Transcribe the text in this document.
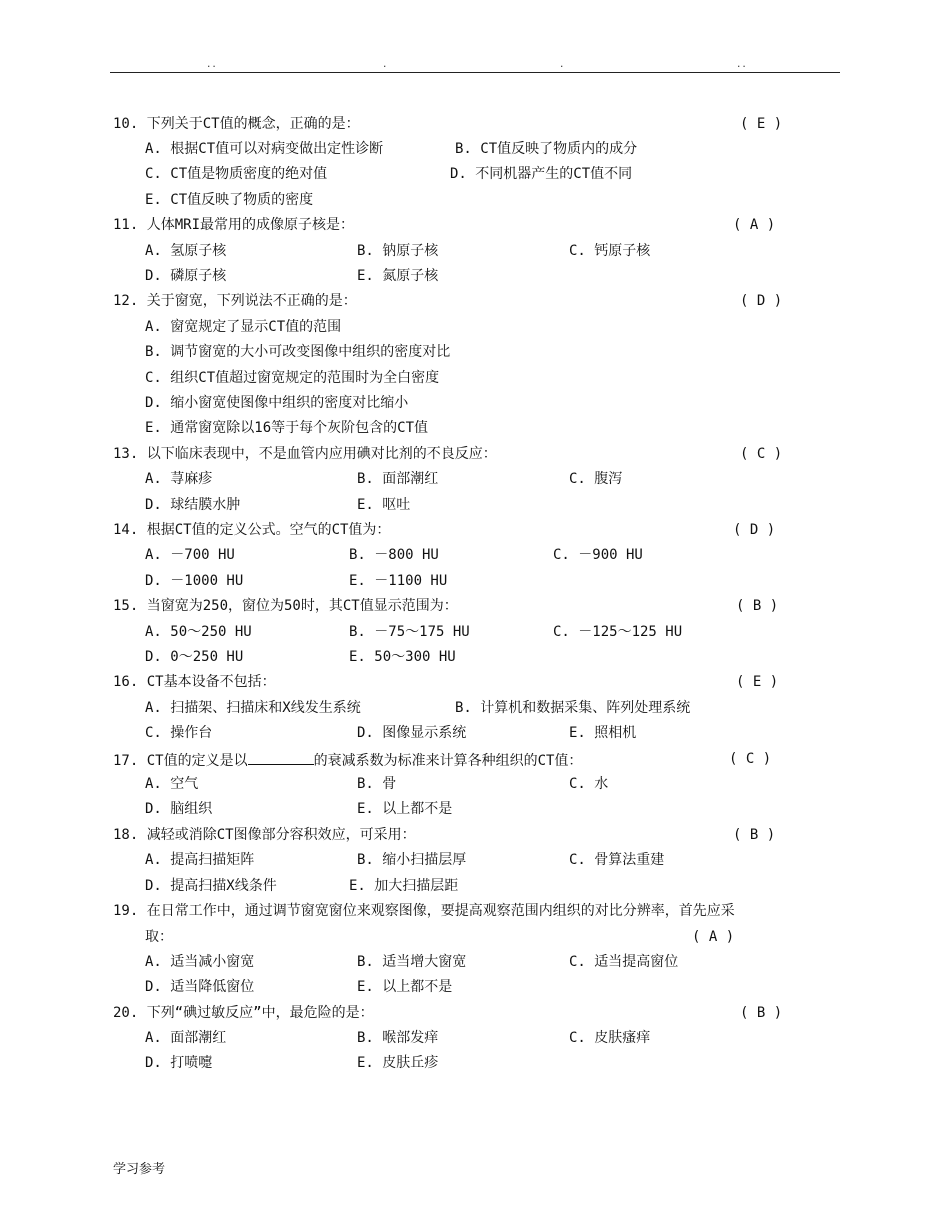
..	.	.	..
10. 下列关于CT值的概念，正确的是：	( E )
A. 根据CT值可以对病变做出定性诊断	B. CT值反映了物质内的成分
C. CT值是物质密度的绝对值	D. 不同机器产生的CT值不同
E. CT值反映了物质的密度
11. 人体MRI最常用的成像原子核是：	( A )
A. 氢原子核	B. 钠原子核	C. 钙原子核
D. 磷原子核	E. 氮原子核
12. 关于窗宽，下列说法不正确的是：	( D )
A. 窗宽规定了显示CT值的范围
B. 调节窗宽的大小可改变图像中组织的密度对比
C. 组织CT值超过窗宽规定的范围时为全白密度
D. 缩小窗宽使图像中组织的密度对比缩小
E. 通常窗宽除以16等于每个灰阶包含的CT值
13. 以下临床表现中，不是血管内应用碘对比剂的不良反应：	( C )
A. 荨麻疹	B. 面部潮红	C. 腹泻
D. 球结膜水肿	E. 呕吐
14. 根据CT值的定义公式。空气的CT值为：	( D )
A. －700 HU	B. －800 HU	C. －900 HU
D. －1000 HU	E. －1100 HU
15. 当窗宽为250，窗位为50时，其CT值显示范围为：	( B )
A. 50～250 HU	B. －75～175 HU	C. －125～125 HU
D. 0～250 HU	E. 50～300 HU
16. CT基本设备不包括：	( E )
A. 扫描架、扫描床和X线发生系统	B. 计算机和数据采集、阵列处理系统
C. 操作台	D. 图像显示系统	E. 照相机
17. CT值的定义是以	的衰减系数为标准来计算各种组织的CT值：	( C )
A. 空气	B. 骨	C. 水
D. 脑组织	E. 以上都不是
18. 减轻或消除CT图像部分容积效应，可采用：	( B )
A. 提高扫描矩阵	B. 缩小扫描层厚	C. 骨算法重建
D. 提高扫描X线条件	E. 加大扫描层距
19. 在日常工作中，通过调节窗宽窗位来观察图像，要提高观察范围内组织的对比分辨率，首先应采
取：	( A )
A. 适当减小窗宽	B. 适当增大窗宽	C. 适当提高窗位
D. 适当降低窗位	E. 以上都不是
20. 下列“碘过敏反应”中，最危险的是：	( B )
A. 面部潮红	B. 喉部发痒	C. 皮肤瘙痒
D. 打喷嚏	E. 皮肤丘疹
学习参考
